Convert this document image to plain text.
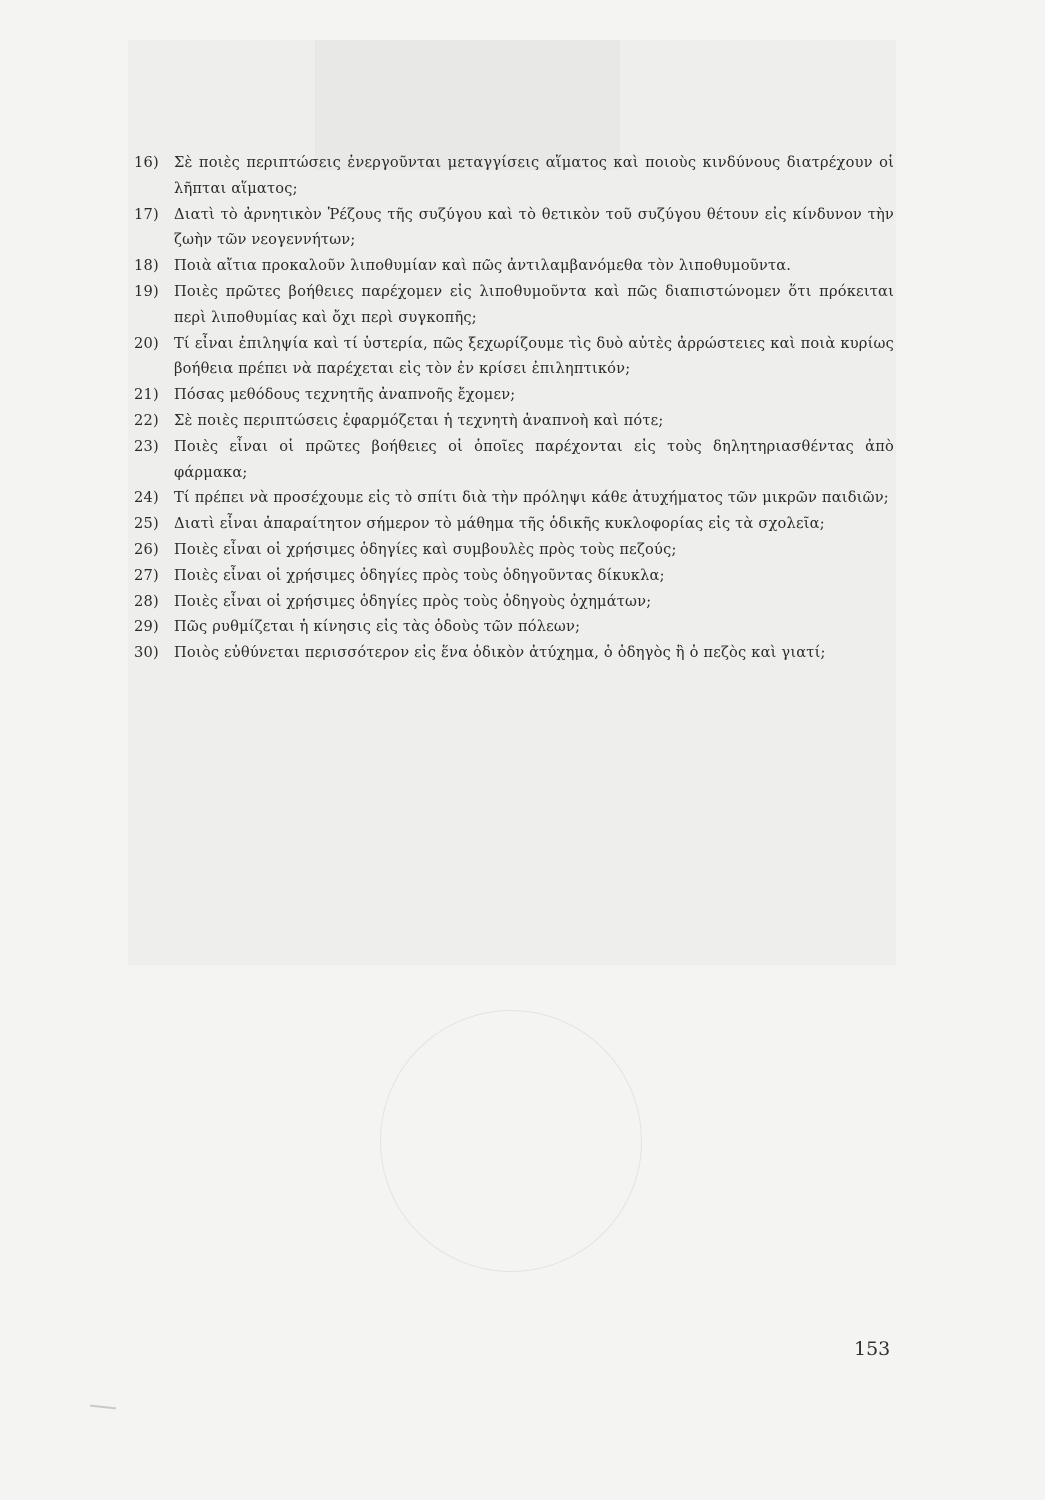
16)	Σὲ ποιὲς περιπτώσεις ἐνεργοῦνται μεταγγίσεις αἵματος καὶ ποιοὺς κινδύνους διατρέχουν οἱ λῆπται αἵματος;
17)	Διατὶ τὸ ἀρνητικὸν Ῥέζους τῆς συζύγου καὶ τὸ θετικὸν τοῦ συζύγου θέτουν εἰς κίνδυνον τὴν ζωὴν τῶν νεογεννήτων;
18)	Ποιὰ αἴτια προκαλοῦν λιποθυμίαν καὶ πῶς ἀντιλαμβανόμεθα τὸν λιποθυμοῦντα.
19)	Ποιὲς πρῶτες βοήθειες παρέχομεν εἰς λιποθυμοῦντα καὶ πῶς διαπιστώνομεν ὅτι πρόκειται περὶ λιποθυμίας καὶ ὄχι περὶ συγκοπῆς;
20)	Τί εἶναι ἐπιληψία καὶ τί ὑστερία, πῶς ξεχωρίζουμε τὶς δυὸ αὐτὲς ἀρρώστειες καὶ ποιὰ κυρίως βοήθεια πρέπει νὰ παρέχεται εἰς τὸν ἐν κρίσει ἐπιληπτικόν;
21)	Πόσας μεθόδους τεχνητῆς ἀναπνοῆς ἔχομεν;
22)	Σὲ ποιὲς περιπτώσεις ἐφαρμόζεται ἡ τεχνητὴ ἀναπνοὴ καὶ πότε;
23)	Ποιὲς εἶναι οἱ πρῶτες βοήθειες οἱ ὁποῖες παρέχονται εἰς τοὺς δηλητηριασθέντας ἀπὸ φάρμακα;
24)	Τί πρέπει νὰ προσέχουμε εἰς τὸ σπίτι διὰ τὴν πρόληψι κάθε ἀτυχήματος τῶν μικρῶν παιδιῶν;
25)	Διατὶ εἶναι ἀπαραίτητον σήμερον τὸ μάθημα τῆς ὁδικῆς κυκλοφορίας εἰς τὰ σχολεῖα;
26)	Ποιὲς εἶναι οἱ χρήσιμες ὁδηγίες καὶ συμβουλὲς πρὸς τοὺς πεζούς;
27)	Ποιὲς εἶναι οἱ χρήσιμες ὁδηγίες πρὸς τοὺς ὁδηγοῦντας δίκυκλα;
28)	Ποιὲς εἶναι οἱ χρήσιμες ὁδηγίες πρὸς τοὺς ὁδηγοὺς ὀχημάτων;
29)	Πῶς ρυθμίζεται ἡ κίνησις εἰς τὰς ὁδοὺς τῶν πόλεων;
30)	Ποιὸς εὐθύνεται περισσότερον εἰς ἕνα ὁδικὸν ἀτύχημα, ὁ ὁδηγὸς ἢ ὁ πεζὸς καὶ γιατί;
153
